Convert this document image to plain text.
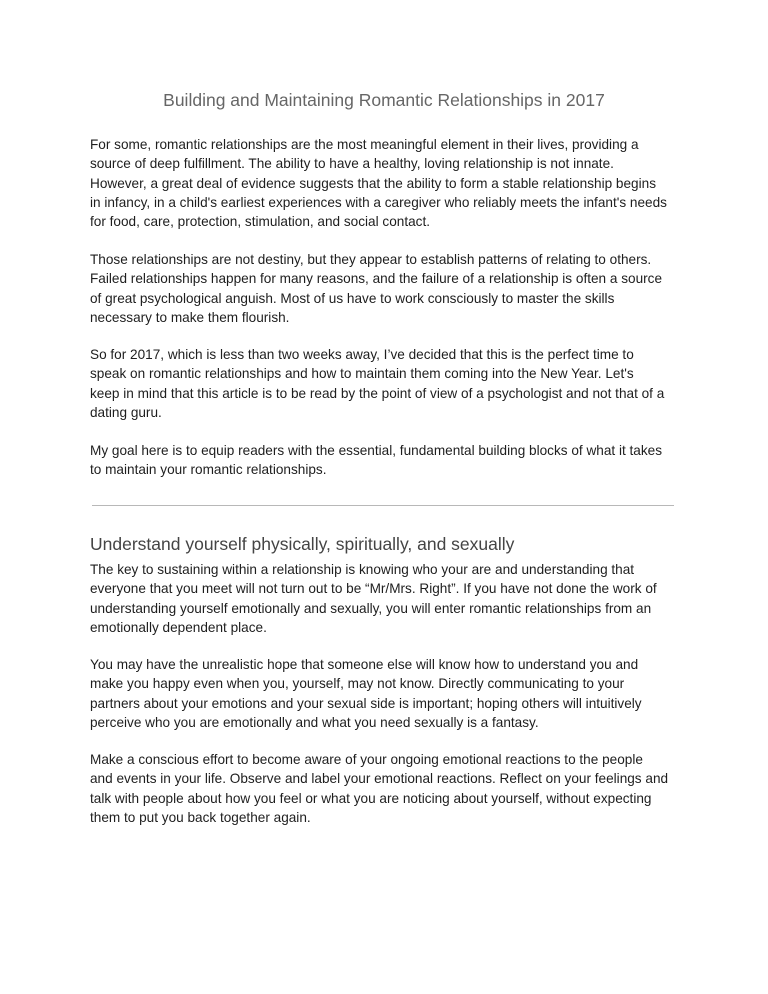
Building and Maintaining Romantic Relationships in 2017

For some, romantic relationships are the most meaningful element in their lives, providing a
source of deep fulfillment. The ability to have a healthy, loving relationship is not innate.
However, a great deal of evidence suggests that the ability to form a stable relationship begins
in infancy, in a child's earliest experiences with a caregiver who reliably meets the infant's needs
for food, care, protection, stimulation, and social contact.

Those relationships are not destiny, but they appear to establish patterns of relating to others.
Failed relationships happen for many reasons, and the failure of a relationship is often a source
of great psychological anguish. Most of us have to work consciously to master the skills
necessary to make them flourish.

So for 2017, which is less than two weeks away, I’ve decided that this is the perfect time to
speak on romantic relationships and how to maintain them coming into the New Year. Let's
keep in mind that this article is to be read by the point of view of a psychologist and not that of a
dating guru.

My goal here is to equip readers with the essential, fundamental building blocks of what it takes
to maintain your romantic relationships.

Understand yourself physically, spiritually, and sexually

The key to sustaining within a relationship is knowing who your are and understanding that
everyone that you meet will not turn out to be “Mr/Mrs. Right”. If you have not done the work of
understanding yourself emotionally and sexually, you will enter romantic relationships from an
emotionally dependent place.

You may have the unrealistic hope that someone else will know how to understand you and
make you happy even when you, yourself, may not know. Directly communicating to your
partners about your emotions and your sexual side is important; hoping others will intuitively
perceive who you are emotionally and what you need sexually is a fantasy.

Make a conscious effort to become aware of your ongoing emotional reactions to the people
and events in your life. Observe and label your emotional reactions. Reflect on your feelings and
talk with people about how you feel or what you are noticing about yourself, without expecting
them to put you back together again.
